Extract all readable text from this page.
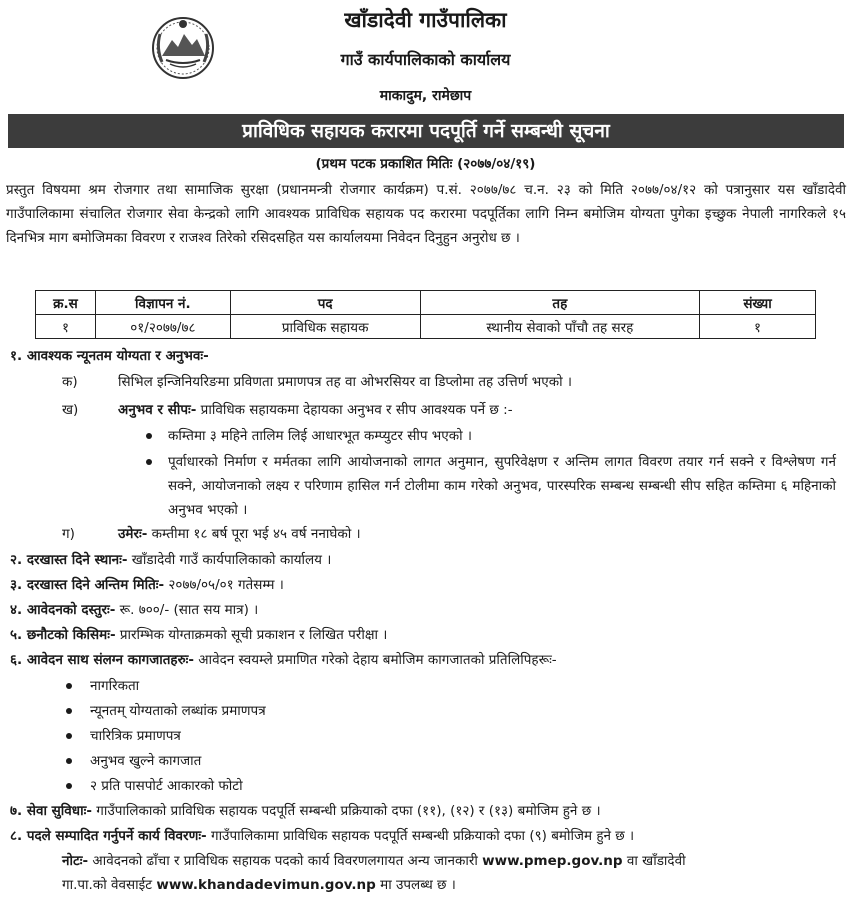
खाँडादेवी गाउँपालिका
गाउँ कार्यपालिकाको कार्यालय
माकादुम, रामेछाप
प्राविधिक सहायक करारमा पदपूर्ति गर्ने सम्बन्धी सूचना
(प्रथम पटक प्रकाशित मितिः (२०७७/०४/१९)
प्रस्तुत विषयमा श्रम रोजगार तथा सामाजिक सुरक्षा (प्रधानमन्त्री रोजगार कार्यक्रम) प.सं. २०७७/७८ च.न. २३ को मिति २०७७/०४/१२ को पत्रानुसार यस खाँडादेवी गाउँपालिकामा संचालित रोजगार सेवा केन्द्रको लागि आवश्यक प्राविधिक सहायक पद करारमा पदपूर्तिका लागि निम्न बमोजिम योग्यता पुगेका इच्छुक नेपाली नागरिकले १५ दिनभित्र माग बमोजिमका विवरण र राजश्व तिरेको रसिदसहित यस कार्यालयमा निवेदन दिनुहुन अनुरोध छ ।
क्र.स	विज्ञापन नं.	पद	तह	संख्या
१	०१/२०७७/७८	प्राविधिक सहायक	स्थानीय सेवाको पाँचौ तह सरह	१
१. आवश्यक न्यूनतम योग्यता र अनुभवः-
क)	सिभिल इन्जिनियरिङमा प्रविणता प्रमाणपत्र तह वा ओभरसियर वा डिप्लोमा तह उत्तिर्ण भएको ।
ख)	अनुभव र सीपः- प्राविधिक सहायकमा देहायका अनुभव र सीप आवश्यक पर्ने छ :-
कम्तिमा ३ महिने तालिम लिई आधारभूत कम्प्युटर सीप भएको ।
पूर्वाधारको निर्माण र मर्मतका लागि आयोजनाको लागत अनुमान, सुपरिवेक्षण र अन्तिम लागत विवरण तयार गर्न सक्ने र विश्लेषण गर्न सक्ने, आयोजनाको लक्ष्य र परिणाम हासिल गर्न टोलीमा काम गरेको अनुभव, पारस्परिक सम्बन्ध सम्बन्धी सीप सहित कम्तिमा ६ महिनाको अनुभव भएको ।
ग)	उमेरः- कम्तीमा १८ बर्ष पूरा भई ४५ वर्ष ननाघेको ।
२. दरखास्त दिने स्थानः- खाँडादेवी गाउँ कार्यपालिकाको कार्यालय ।
३. दरखास्त दिने अन्तिम मितिः- २०७७/०५/०१ गतेसम्म ।
४. आवेदनको दस्तुरः- रू. ७००/- (सात सय मात्र) ।
५. छनौटको किसिमः- प्रारम्भिक योग्ताक्रमको सूची प्रकाशन र लिखित परीक्षा ।
६. आवेदन साथ संलग्न कागजातहरुः- आवेदन स्वयम्ले प्रमाणित गरेको देहाय बमोजिम कागजातको प्रतिलिपिहरूः-
नागरिकता
न्यूनतम् योग्यताको लब्धांक प्रमाणपत्र
चारित्रिक प्रमाणपत्र
अनुभव खुल्ने कागजात
२ प्रति पासपोर्ट आकारको फोटो
७. सेवा सुविधाः- गाउँपालिकाको प्राविधिक सहायक पदपूर्ति सम्बन्धी प्रक्रियाको दफा (११), (१२) र (१३) बमोजिम हुने छ ।
८. पदले सम्पादित गर्नुपर्ने कार्य विवरणः- गाउँपालिकामा प्राविधिक सहायक पदपूर्ति सम्बन्धी प्रक्रियाको दफा (९) बमोजिम हुने छ ।
नोटः- आवेदनको ढाँचा र प्राविधिक सहायक पदको कार्य विवरणलगायत अन्य जानकारी www.pmep.gov.np वा खाँडादेवी
गा.पा.को वेवसाईट www.khandadevimun.gov.np मा उपलब्ध छ ।
